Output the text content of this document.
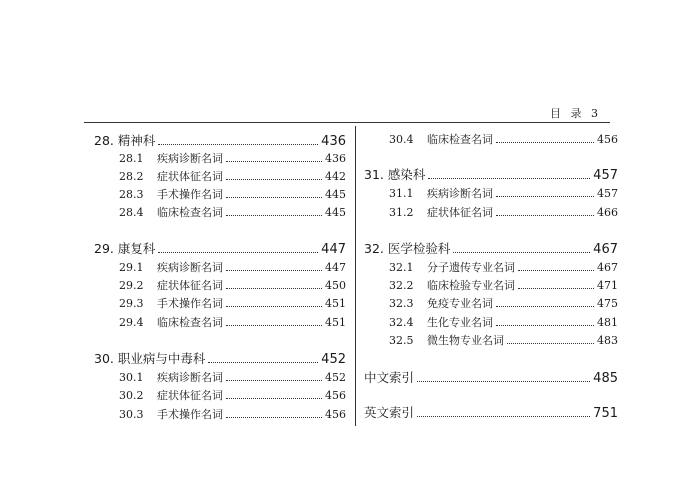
目 录 3
28. 精神科	436
28.1	疾病诊断名词	436
28.2	症状体征名词	442
28.3	手术操作名词	445
28.4	临床检查名词	445
29. 康复科	447
29.1	疾病诊断名词	447
29.2	症状体征名词	450
29.3	手术操作名词	451
29.4	临床检查名词	451
30. 职业病与中毒科	452
30.1	疾病诊断名词	452
30.2	症状体征名词	456
30.3	手术操作名词	456
30.4	临床检查名词	456
31. 感染科	457
31.1	疾病诊断名词	457
31.2	症状体征名词	466
32. 医学检验科	467
32.1	分子遗传专业名词	467
32.2	临床检验专业名词	471
32.3	免疫专业名词	475
32.4	生化专业名词	481
32.5	微生物专业名词	483
中文索引	485
英文索引	751
